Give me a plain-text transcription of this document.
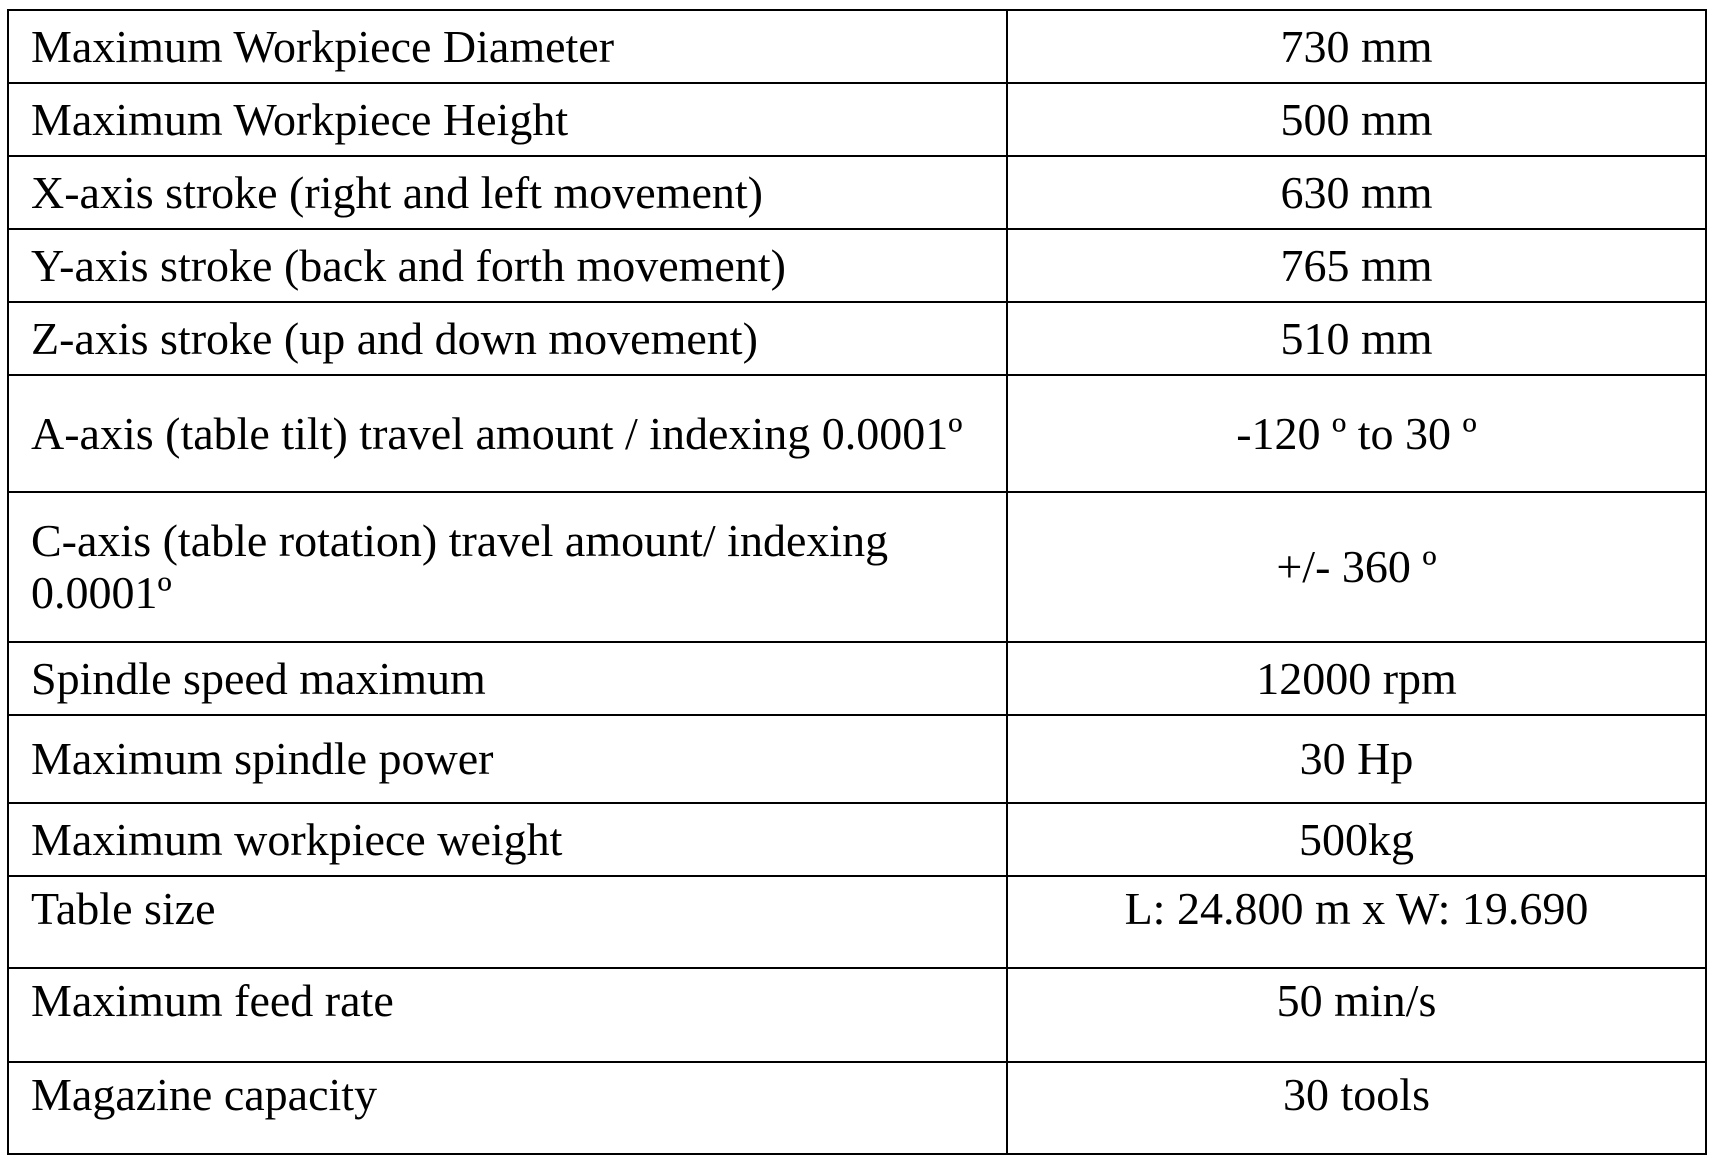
Maximum Workpiece Diameter	730 mm
Maximum Workpiece Height	500 mm
X-axis stroke (right and left movement)	630 mm
Y-axis stroke (back and forth movement)	765 mm
Z-axis stroke (up and down movement)	510 mm
A-axis (table tilt) travel amount / indexing 0.0001º	-120 º to 30 º
C-axis (table rotation) travel amount/ indexing 0.0001º	+/- 360 º
Spindle speed maximum	12000 rpm
Maximum spindle power	30 Hp
Maximum workpiece weight	500kg
Table size	L: 24.800 m x W: 19.690
Maximum feed rate	50 min/s
Magazine capacity	30 tools
